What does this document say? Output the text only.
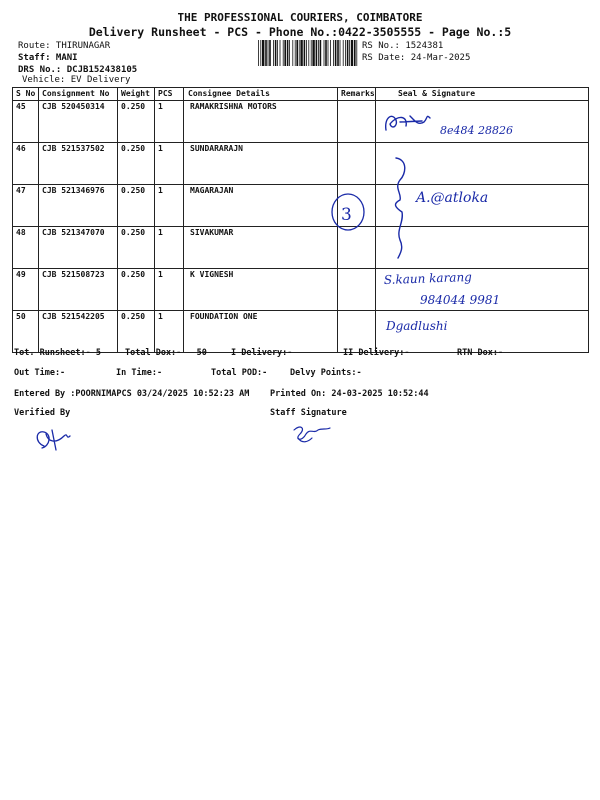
THE PROFESSIONAL COURIERS, COIMBATORE
Delivery Runsheet - PCS - Phone No.:0422-3505555 - Page No.:5
Route: THIRUNAGAR
Staff: MANI
DRS No.: DCJB152438105
Vehicle: EV Delivery
RS No.: 1524381
RS Date: 24-Mar-2025
S No	Consignment No	Weight	PCS	Consignee Details	Remarks	Seal & Signature
45	CJB 520450314	0.250	1	RAMAKRISHNA MOTORS		
46	CJB 521537502	0.250	1	SUNDARARAJN		
47	CJB 521346976	0.250	1	MAGARAJAN		
48	CJB 521347070	0.250	1	SIVAKUMAR		
49	CJB 521508723	0.250	1	K VIGNESH		
50	CJB 521542205	0.250	1	FOUNDATION ONE		
Tot. Runsheet:- 5	Total Dox:-   50	I Delivery:-	II Delivery:-	RTN Dox:-
Out Time:-	In Time:-	Total POD:-	Delvy Points:-
Entered By :POORNIMAPCS 03/24/2025 10:52:23 AM Printed On: 24-03-2025 10:52:44
Verified By	Staff Signature
8e484 28826
3
A.@atloka
S.kaun karang
984044 9981
Dgadlushi
